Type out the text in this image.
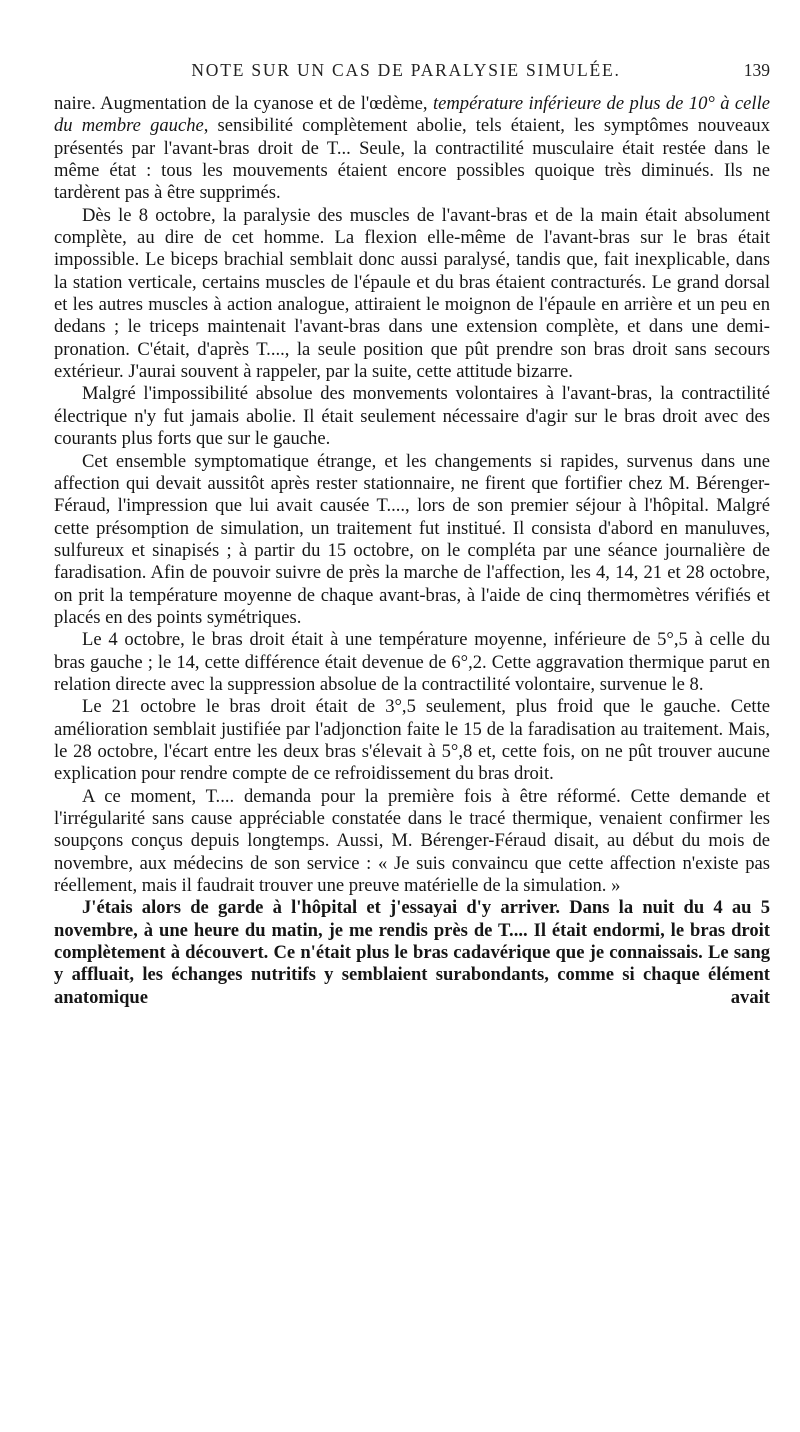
NOTE SUR UN CAS DE PARALYSIE SIMULÉE.	139

naire. Augmentation de la cyanose et de l'œdème, température inférieure de plus de 10° à celle du membre gauche, sensibilité complètement abolie, tels étaient, les symptômes nouveaux présentés par l'avant-bras droit de T... Seule, la contractilité musculaire était restée dans le même état : tous les mouvements étaient encore possibles quoique très diminués. Ils ne tardèrent pas à être supprimés.

Dès le 8 octobre, la paralysie des muscles de l'avant-bras et de la main était absolument complète, au dire de cet homme. La flexion elle-même de l'avant-bras sur le bras était impossible. Le biceps brachial semblait donc aussi paralysé, tandis que, fait inexplicable, dans la station verticale, certains muscles de l'épaule et du bras étaient contracturés. Le grand dorsal et les autres muscles à action analogue, attiraient le moignon de l'épaule en arrière et un peu en dedans ; le triceps maintenait l'avant-bras dans une extension complète, et dans une demi-pronation. C'était, d'après T...., la seule position que pût prendre son bras droit sans secours extérieur. J'aurai souvent à rappeler, par la suite, cette attitude bizarre.

Malgré l'impossibilité absolue des monvements volontaires à l'avant-bras, la contractilité électrique n'y fut jamais abolie. Il était seulement nécessaire d'agir sur le bras droit avec des courants plus forts que sur le gauche.

Cet ensemble symptomatique étrange, et les changements si rapides, survenus dans une affection qui devait aussitôt après rester stationnaire, ne firent que fortifier chez M. Bérenger-Féraud, l'impression que lui avait causée T...., lors de son premier séjour à l'hôpital. Malgré cette présomption de simulation, un traitement fut institué. Il consista d'abord en manuluves, sulfureux et sinapisés ; à partir du 15 octobre, on le compléta par une séance journalière de faradisation. Afin de pouvoir suivre de près la marche de l'affection, les 4, 14, 21 et 28 octobre, on prit la température moyenne de chaque avant-bras, à l'aide de cinq thermomètres vérifiés et placés en des points symétriques.

Le 4 octobre, le bras droit était à une température moyenne, inférieure de 5°,5 à celle du bras gauche ; le 14, cette différence était devenue de 6°,2. Cette aggravation thermique parut en relation directe avec la suppression absolue de la contractilité volontaire, survenue le 8.

Le 21 octobre le bras droit était de 3°,5 seulement, plus froid que le gauche. Cette amélioration semblait justifiée par l'adjonction faite le 15 de la faradisation au traitement. Mais, le 28 octobre, l'écart entre les deux bras s'élevait à 5°,8 et, cette fois, on ne pût trouver aucune explication pour rendre compte de ce refroidissement du bras droit.

A ce moment, T.... demanda pour la première fois à être réformé. Cette demande et l'irrégularité sans cause appréciable constatée dans le tracé thermique, venaient confirmer les soupçons conçus depuis longtemps. Aussi, M. Bérenger-Féraud disait, au début du mois de novembre, aux médecins de son service : « Je suis convaincu que cette affection n'existe pas réellement, mais il faudrait trouver une preuve matérielle de la simulation. »

J'étais alors de garde à l'hôpital et j'essayai d'y arriver. Dans la nuit du 4 au 5 novembre, à une heure du matin, je me rendis près de T.... Il était endormi, le bras droit complètement à découvert. Ce n'était plus le bras cadavérique que je connaissais. Le sang y affluait, les échanges nutritifs y semblaient surabondants, comme si chaque élément anatomique avait
